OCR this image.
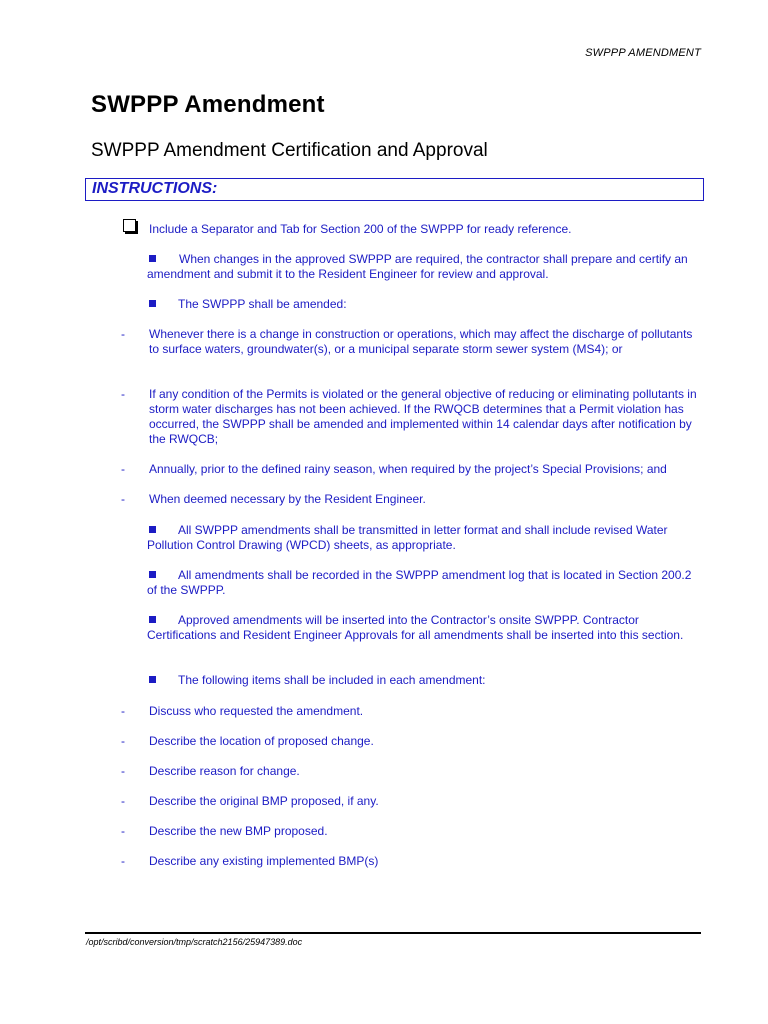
SWPPP AMENDMENT
SWPPP Amendment
SWPPP Amendment Certification and Approval
INSTRUCTIONS:
Include a Separator and Tab for Section 200 of the SWPPP for ready reference.
When changes in the approved SWPPP are required, the contractor shall prepare and certify an amendment and submit it to the Resident Engineer for review and approval.
The SWPPP shall be amended:
- Whenever there is a change in construction or operations, which may affect the discharge of pollutants to surface waters, groundwater(s), or a municipal separate storm sewer system (MS4); or
- If any condition of the Permits is violated or the general objective of reducing or eliminating pollutants in storm water discharges has not been achieved. If the RWQCB determines that a Permit violation has occurred, the SWPPP shall be amended and implemented within 14 calendar days after notification by the RWQCB;
- Annually, prior to the defined rainy season, when required by the project’s Special Provisions; and
- When deemed necessary by the Resident Engineer.
All SWPPP amendments shall be transmitted in letter format and shall include revised Water Pollution Control Drawing (WPCD) sheets, as appropriate.
All amendments shall be recorded in the SWPPP amendment log that is located in Section 200.2 of the SWPPP.
Approved amendments will be inserted into the Contractor’s onsite SWPPP. Contractor Certifications and Resident Engineer Approvals for all amendments shall be inserted into this section.
The following items shall be included in each amendment:
- Discuss who requested the amendment.
- Describe the location of proposed change.
- Describe reason for change.
- Describe the original BMP proposed, if any.
- Describe the new BMP proposed.
- Describe any existing implemented BMP(s)
/opt/scribd/conversion/tmp/scratch2156/25947389.doc
